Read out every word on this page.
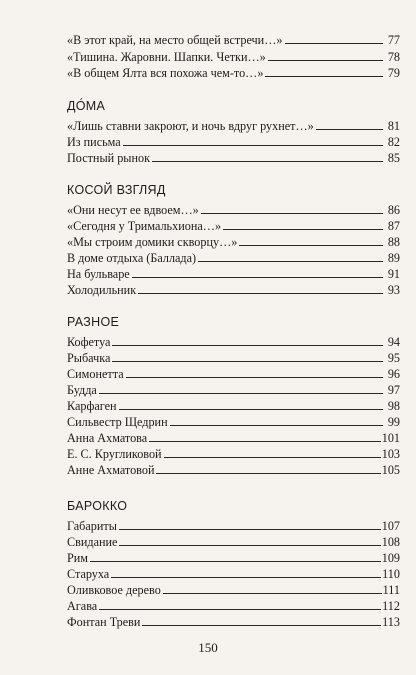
«В этот край, на место общей встречи…»	77
«Тишина. Жаровни. Шапки. Четки…»	78
«В общем Ялта вся похожа чем-то…»	79
ДО́МА
«Лишь ставни закроют, и ночь вдруг рухнет…»	81
Из письма	82
Постный рынок	85
КОСОЙ ВЗГЛЯД
«Они несут ее вдвоем…»	86
«Сегодня у Тримальхиона…»	87
«Мы строим домики скворцу…»	88
В доме отдыха (Баллада)	89
На бульваре	91
Холодильник	93
РАЗНОЕ
Кофетуа	94
Рыбачка	95
Симонетта	96
Будда	97
Карфаген	98
Сильвестр Щедрин	99
Анна Ахматова	101
Е. С. Кругликовой	103
Анне Ахматовой	105
БАРОККО
Габариты	107
Свидание	108
Рим	109
Старуха	110
Оливковое дерево	111
Агава	112
Фонтан Треви	113
150
